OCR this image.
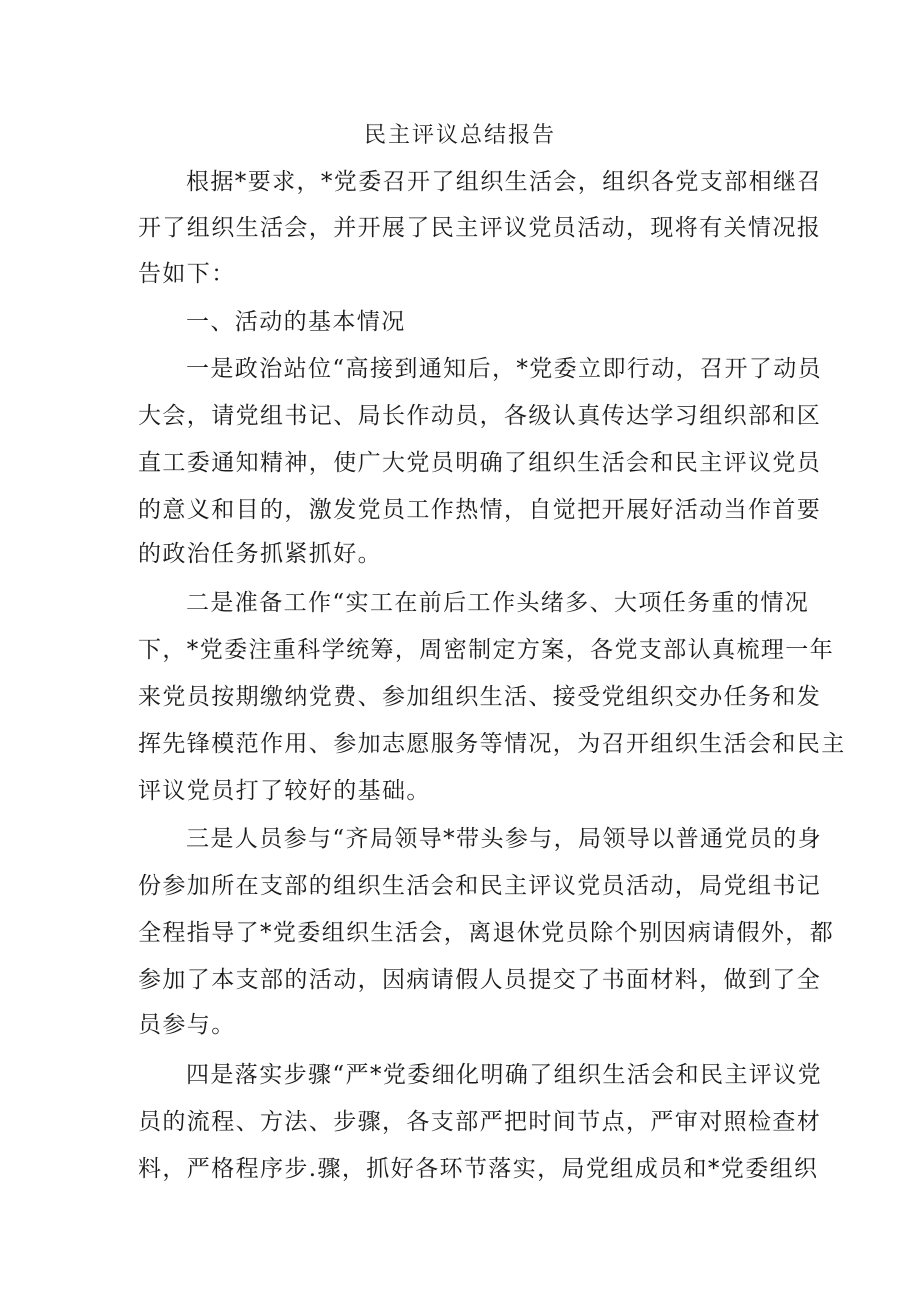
民主评议总结报告
根据*要求，*党委召开了组织生活会，组织各党支部相继召
开了组织生活会，并开展了民主评议党员活动，现将有关情况报
告如下：
一、活动的基本情况
一是政治站位“高接到通知后，*党委立即行动，召开了动员
大会，请党组书记、局长作动员，各级认真传达学习组织部和区
直工委通知精神，使广大党员明确了组织生活会和民主评议党员
的意义和目的，激发党员工作热情，自觉把开展好活动当作首要
的政治任务抓紧抓好。
二是准备工作“实工在前后工作头绪多、大项任务重的情况
下，*党委注重科学统筹，周密制定方案，各党支部认真梳理一年
来党员按期缴纳党费、参加组织生活、接受党组织交办任务和发
挥先锋模范作用、参加志愿服务等情况，为召开组织生活会和民主
评议党员打了较好的基础。
三是人员参与“齐局领导*带头参与，局领导以普通党员的身
份参加所在支部的组织生活会和民主评议党员活动，局党组书记
全程指导了*党委组织生活会，离退休党员除个别因病请假外，都
参加了本支部的活动，因病请假人员提交了书面材料，做到了全
员参与。
四是落实步骤“严*党委细化明确了组织生活会和民主评议党
员的流程、方法、步骤，各支部严把时间节点，严审对照检查材
料，严格程序步.骤，抓好各环节落实，局党组成员和*党委组织
